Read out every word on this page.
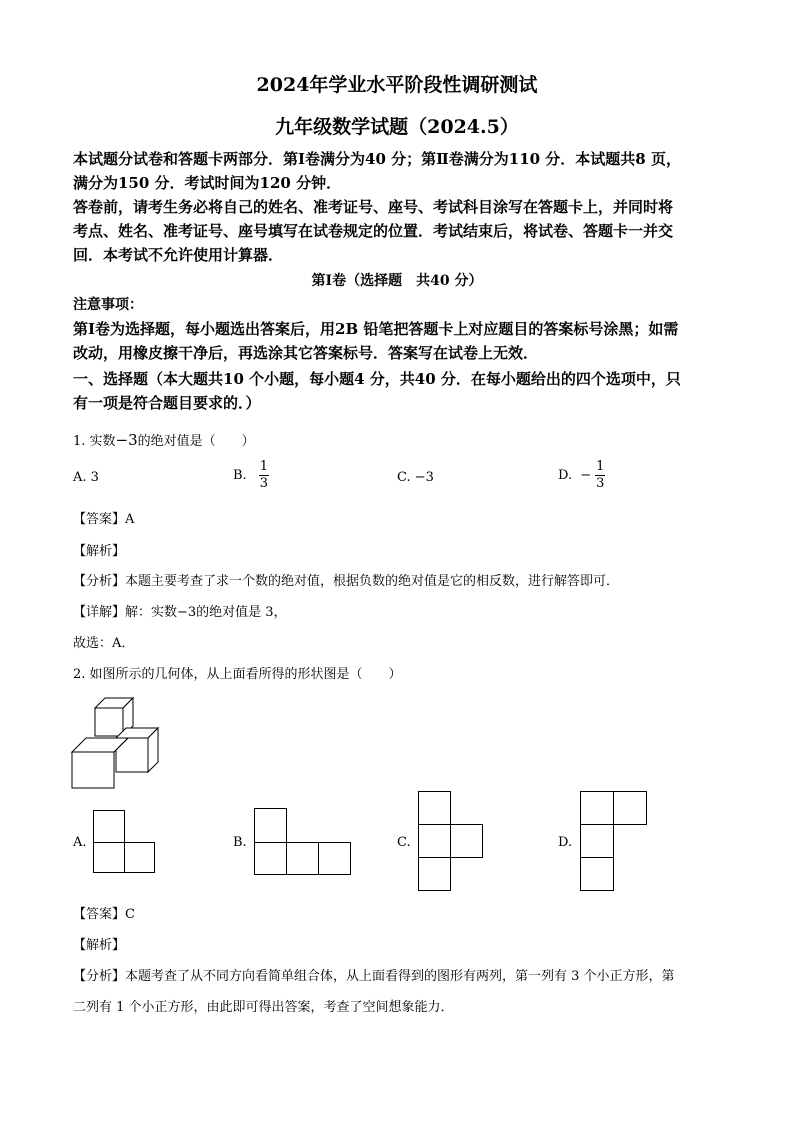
2024年学业水平阶段性调研测试
九年级数学试题（2024.5）
本试题分试卷和答题卡两部分．第Ⅰ卷满分为40 分；第Ⅱ卷满分为110 分．本试题共8 页，
满分为150 分．考试时间为120 分钟．
答卷前，请考生务必将自己的姓名、准考证号、座号、考试科目涂写在答题卡上，并同时将
考点、姓名、准考证号、座号填写在试卷规定的位置．考试结束后，将试卷、答题卡一并交
回．本考试不允许使用计算器．
第Ⅰ卷（选择题　共40 分）
注意事项：
第Ⅰ卷为选择题，每小题选出答案后，用2B 铅笔把答题卡上对应题目的答案标号涂黑；如需
改动，用橡皮擦干净后，再选涂其它答案标号．答案写在试卷上无效．
一、选择题（本大题共10 个小题，每小题4 分，共40 分．在每小题给出的四个选项中，只
有一项是符合题目要求的．）
1. 实数−3的绝对值是（　　）
A. 3	B. $\frac{1}{3}$	C. −3	D. − $\frac{1}{3}$
【答案】A
【解析】
【分析】本题主要考查了求一个数的绝对值，根据负数的绝对值是它的相反数，进行解答即可．
【详解】解：实数−3的绝对值是 3，
故选：A．
2. 如图所示的几何体，从上面看所得的形状图是（　　）
A.	B.	C.	D.
【答案】C
【解析】
【分析】本题考查了从不同方向看简单组合体，从上面看得到的图形有两列，第一列有 3 个小正方形，第
二列有 1 个小正方形，由此即可得出答案，考查了空间想象能力．
